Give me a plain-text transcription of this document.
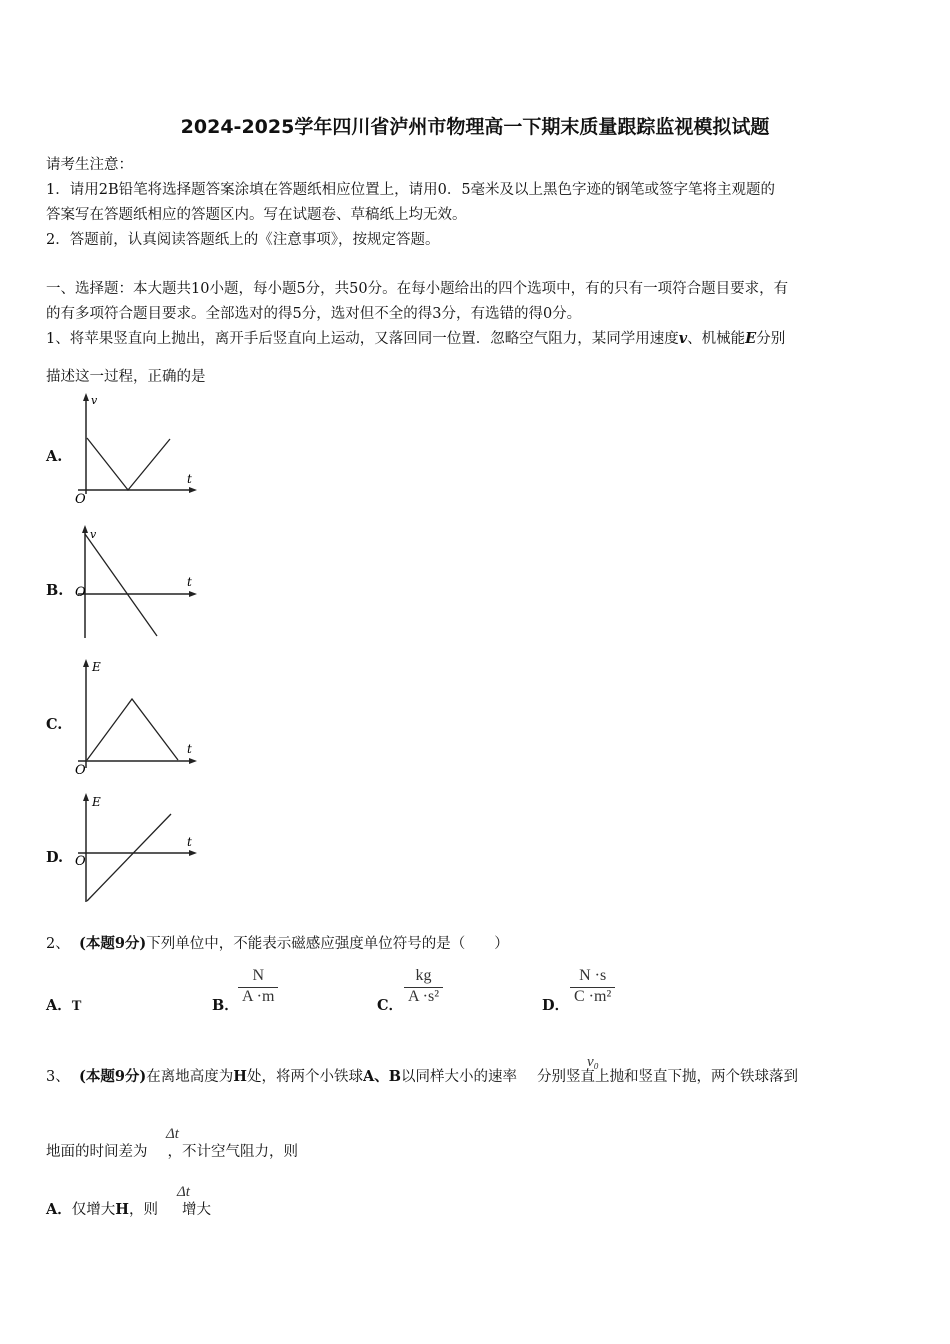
2024-2025学年四川省泸州市物理高一下期末质量跟踪监视模拟试题
请考生注意：
1．请用2B铅笔将选择题答案涂填在答题纸相应位置上，请用0．5毫米及以上黑色字迹的钢笔或签字笔将主观题的
答案写在答题纸相应的答题区内。写在试题卷、草稿纸上均无效。
2．答题前，认真阅读答题纸上的《注意事项》，按规定答题。
一、选择题：本大题共10小题，每小题5分，共50分。在每小题给出的四个选项中，有的只有一项符合题目要求，有
的有多项符合题目要求。全部选对的得5分，选对但不全的得3分，有选错的得0分。
1、将苹果竖直向上抛出，离开手后竖直向上运动，又落回同一位置．忽略空气阻力，某同学用速度v、机械能E分别
描述这一过程，正确的是
A.
v
t
O
B.
v
t
O
C.
E
t
O
D.
E
t
O
2、 (本题9分)下列单位中，不能表示磁感应强度单位符号的是（　　）
A．T	B．
N
A ·m
C．
kg
A ·s²
D．
N ·s
C ·m²
3、 (本题9分)在离地高度为H处，将两个小铁球A、B以同样大小的速率 分别竖直上抛和竖直下抛，两个铁球落到
v₀
地面的时间差为 ，不计空气阻力，则
Δt
A．仅增大H，则 增大
Δt
